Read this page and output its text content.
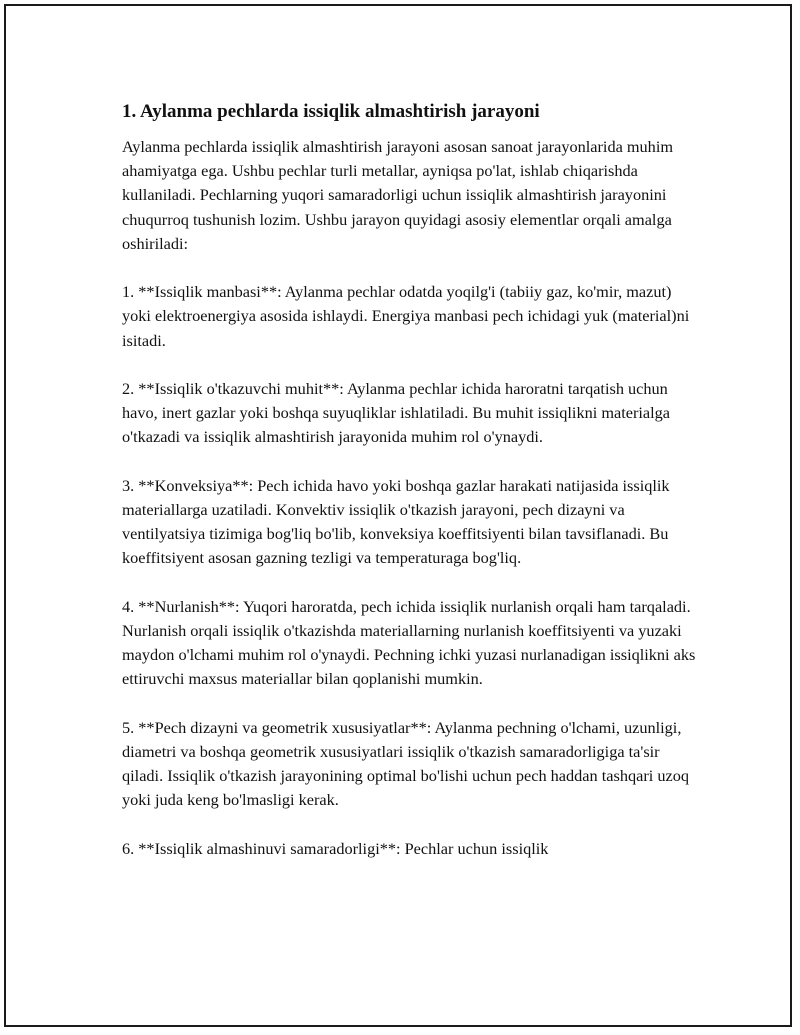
1. Aylanma pechlarda issiqlik almashtirish jarayoni

Aylanma pechlarda issiqlik almashtirish jarayoni asosan sanoat jarayonlarida muhim ahamiyatga ega. Ushbu pechlar turli metallar, ayniqsa po'lat, ishlab chiqarishda kullaniladi. Pechlarning yuqori samaradorligi uchun issiqlik almashtirish jarayonini chuqurroq tushunish lozim. Ushbu jarayon quyidagi asosiy elementlar orqali amalga oshiriladi:

1. **Issiqlik manbasi**: Aylanma pechlar odatda yoqilg'i (tabiiy gaz, ko'mir, mazut) yoki elektroenergiya asosida ishlaydi. Energiya manbasi pech ichidagi yuk (material)ni isitadi.

2. **Issiqlik o'tkazuvchi muhit**: Aylanma pechlar ichida haroratni tarqatish uchun havo, inert gazlar yoki boshqa suyuqliklar ishlatiladi. Bu muhit issiqlikni materialga o'tkazadi va issiqlik almashtirish jarayonida muhim rol o'ynaydi.

3. **Konveksiya**: Pech ichida havo yoki boshqa gazlar harakati natijasida issiqlik materiallarga uzatiladi. Konvektiv issiqlik o'tkazish jarayoni, pech dizayni va ventilyatsiya tizimiga bog'liq bo'lib, konveksiya koeffitsiyenti bilan tavsiflanadi. Bu koeffitsiyent asosan gazning tezligi va temperaturaga bog'liq.

4. **Nurlanish**: Yuqori haroratda, pech ichida issiqlik nurlanish orqali ham tarqaladi. Nurlanish orqali issiqlik o'tkazishda materiallarning nurlanish koeffitsiyenti va yuzaki maydon o'lchami muhim rol o'ynaydi. Pechning ichki yuzasi nurlanadigan issiqlikni aks ettiruvchi maxsus materiallar bilan qoplanishi mumkin.

5. **Pech dizayni va geometrik xususiyatlar**: Aylanma pechning o'lchami, uzunligi, diametri va boshqa geometrik xususiyatlari issiqlik o'tkazish samaradorligiga ta'sir qiladi. Issiqlik o'tkazish jarayonining optimal bo'lishi uchun pech haddan tashqari uzoq yoki juda keng bo'lmasligi kerak.

6. **Issiqlik almashinuvi samaradorligi**: Pechlar uchun issiqlik
